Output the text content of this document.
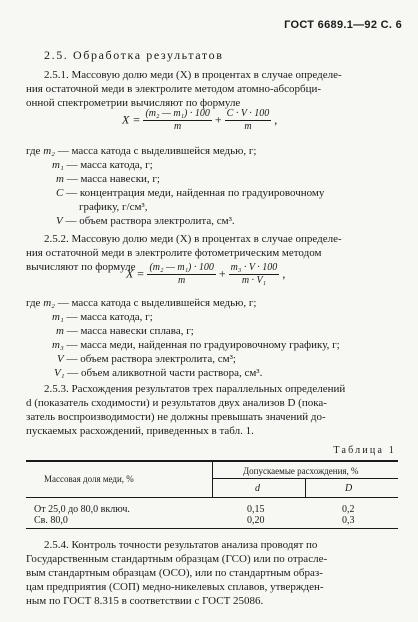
ГОСТ 6689.1—92 С. 6
2.5. Обработка результатов
2.5.1. Массовую долю меди (X) в процентах в случае определе-
ния остаточной меди в электролите методом атомно-абсорбци-
онной спектрометрии вычисляют по формуле
$X = \frac{\text{(m₂ — m₁) · 100}}{m} + \frac{C \cdot V \cdot 100}{m}$ ,
где m₂ — масса катода с выделившейся медью, г;
m₁ — масса катода, г;
m — масса навески, г;
C — концентрация меди, найденная по градуировочному
графику, г/см³,
V — объем раствора электролита, см³.
2.5.2. Массовую долю меди (X) в процентах в случае определе-
ния остаточной меди в электролите фотометрическим методом
вычисляют по формуле
$X = \frac{\text{(m₂ — m₁) · 100}}{m} + \frac{\text{m₃ · V · 100}}{\text{m · V₁}}$ ,
где m₂ — масса катода с выделившейся медью, г;
m₁ — масса катода, г;
m — масса навески сплава, г;
m₃ — масса меди, найденная по градуировочному графику, г;
V — объем раствора электролита, см³;
V₁ — объем аликвотной части раствора, см³.
2.5.3. Расхождения результатов трех параллельных определений
d (показатель сходимости) и результатов двух анализов D (пока-
затель воспроизводимости) не должны превышать значений до-
пускаемых расхождений, приведенных в табл. 1.
Таблица 1
Массовая доля меди, %
Допускаемые расхождения, %
d	D
От 25,0 до 80,0 включ.	0,15	0,2
Св. 80,0	0,20	0,3
2.5.4. Контроль точности результатов анализа проводят по
Государственным стандартным образцам (ГСО) или по отрасле-
вым стандартным образцам (ОСО), или по стандартным образ-
цам предприятия (СОП) медно-никелевых сплавов, утвержден-
ным по ГОСТ 8.315 в соответствии с ГОСТ 25086.
